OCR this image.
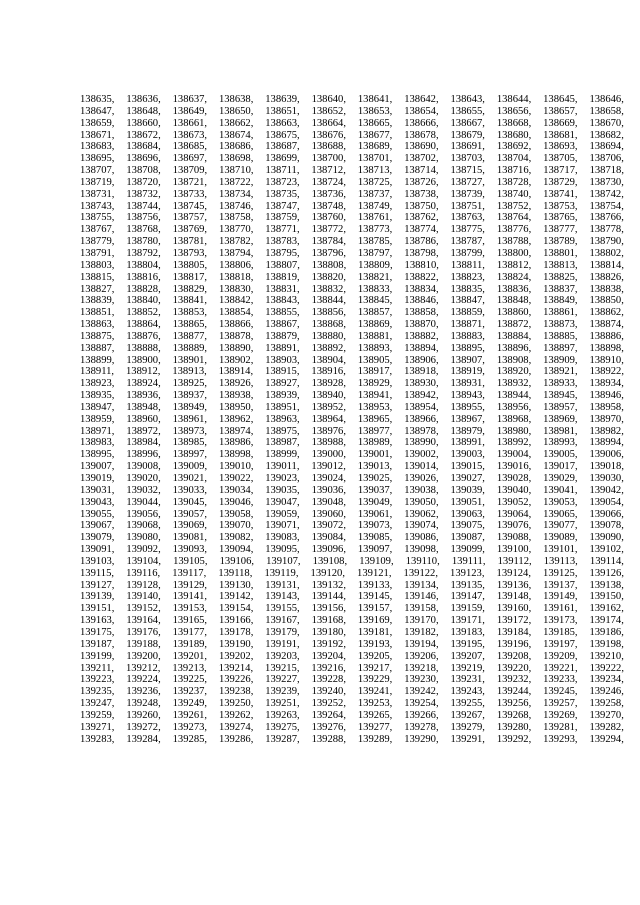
138635, 138636, 138637, 138638, 138639, 138640, 138641, 138642, 138643, 138644, 138645, 138646,
138647, 138648, 138649, 138650, 138651, 138652, 138653, 138654, 138655, 138656, 138657, 138658,
138659, 138660, 138661, 138662, 138663, 138664, 138665, 138666, 138667, 138668, 138669, 138670,
138671, 138672, 138673, 138674, 138675, 138676, 138677, 138678, 138679, 138680, 138681, 138682,
138683, 138684, 138685, 138686, 138687, 138688, 138689, 138690, 138691, 138692, 138693, 138694,
138695, 138696, 138697, 138698, 138699, 138700, 138701, 138702, 138703, 138704, 138705, 138706,
138707, 138708, 138709, 138710, 138711, 138712, 138713, 138714, 138715, 138716, 138717, 138718,
138719, 138720, 138721, 138722, 138723, 138724, 138725, 138726, 138727, 138728, 138729, 138730,
138731, 138732, 138733, 138734, 138735, 138736, 138737, 138738, 138739, 138740, 138741, 138742,
138743, 138744, 138745, 138746, 138747, 138748, 138749, 138750, 138751, 138752, 138753, 138754,
138755, 138756, 138757, 138758, 138759, 138760, 138761, 138762, 138763, 138764, 138765, 138766,
138767, 138768, 138769, 138770, 138771, 138772, 138773, 138774, 138775, 138776, 138777, 138778,
138779, 138780, 138781, 138782, 138783, 138784, 138785, 138786, 138787, 138788, 138789, 138790,
138791, 138792, 138793, 138794, 138795, 138796, 138797, 138798, 138799, 138800, 138801, 138802,
138803, 138804, 138805, 138806, 138807, 138808, 138809, 138810, 138811, 138812, 138813, 138814,
138815, 138816, 138817, 138818, 138819, 138820, 138821, 138822, 138823, 138824, 138825, 138826,
138827, 138828, 138829, 138830, 138831, 138832, 138833, 138834, 138835, 138836, 138837, 138838,
138839, 138840, 138841, 138842, 138843, 138844, 138845, 138846, 138847, 138848, 138849, 138850,
138851, 138852, 138853, 138854, 138855, 138856, 138857, 138858, 138859, 138860, 138861, 138862,
138863, 138864, 138865, 138866, 138867, 138868, 138869, 138870, 138871, 138872, 138873, 138874,
138875, 138876, 138877, 138878, 138879, 138880, 138881, 138882, 138883, 138884, 138885, 138886,
138887, 138888, 138889, 138890, 138891, 138892, 138893, 138894, 138895, 138896, 138897, 138898,
138899, 138900, 138901, 138902, 138903, 138904, 138905, 138906, 138907, 138908, 138909, 138910,
138911, 138912, 138913, 138914, 138915, 138916, 138917, 138918, 138919, 138920, 138921, 138922,
138923, 138924, 138925, 138926, 138927, 138928, 138929, 138930, 138931, 138932, 138933, 138934,
138935, 138936, 138937, 138938, 138939, 138940, 138941, 138942, 138943, 138944, 138945, 138946,
138947, 138948, 138949, 138950, 138951, 138952, 138953, 138954, 138955, 138956, 138957, 138958,
138959, 138960, 138961, 138962, 138963, 138964, 138965, 138966, 138967, 138968, 138969, 138970,
138971, 138972, 138973, 138974, 138975, 138976, 138977, 138978, 138979, 138980, 138981, 138982,
138983, 138984, 138985, 138986, 138987, 138988, 138989, 138990, 138991, 138992, 138993, 138994,
138995, 138996, 138997, 138998, 138999, 139000, 139001, 139002, 139003, 139004, 139005, 139006,
139007, 139008, 139009, 139010, 139011, 139012, 139013, 139014, 139015, 139016, 139017, 139018,
139019, 139020, 139021, 139022, 139023, 139024, 139025, 139026, 139027, 139028, 139029, 139030,
139031, 139032, 139033, 139034, 139035, 139036, 139037, 139038, 139039, 139040, 139041, 139042,
139043, 139044, 139045, 139046, 139047, 139048, 139049, 139050, 139051, 139052, 139053, 139054,
139055, 139056, 139057, 139058, 139059, 139060, 139061, 139062, 139063, 139064, 139065, 139066,
139067, 139068, 139069, 139070, 139071, 139072, 139073, 139074, 139075, 139076, 139077, 139078,
139079, 139080, 139081, 139082, 139083, 139084, 139085, 139086, 139087, 139088, 139089, 139090,
139091, 139092, 139093, 139094, 139095, 139096, 139097, 139098, 139099, 139100, 139101, 139102,
139103, 139104, 139105, 139106, 139107, 139108, 139109, 139110, 139111, 139112, 139113, 139114,
139115, 139116, 139117, 139118, 139119, 139120, 139121, 139122, 139123, 139124, 139125, 139126,
139127, 139128, 139129, 139130, 139131, 139132, 139133, 139134, 139135, 139136, 139137, 139138,
139139, 139140, 139141, 139142, 139143, 139144, 139145, 139146, 139147, 139148, 139149, 139150,
139151, 139152, 139153, 139154, 139155, 139156, 139157, 139158, 139159, 139160, 139161, 139162,
139163, 139164, 139165, 139166, 139167, 139168, 139169, 139170, 139171, 139172, 139173, 139174,
139175, 139176, 139177, 139178, 139179, 139180, 139181, 139182, 139183, 139184, 139185, 139186,
139187, 139188, 139189, 139190, 139191, 139192, 139193, 139194, 139195, 139196, 139197, 139198,
139199, 139200, 139201, 139202, 139203, 139204, 139205, 139206, 139207, 139208, 139209, 139210,
139211, 139212, 139213, 139214, 139215, 139216, 139217, 139218, 139219, 139220, 139221, 139222,
139223, 139224, 139225, 139226, 139227, 139228, 139229, 139230, 139231, 139232, 139233, 139234,
139235, 139236, 139237, 139238, 139239, 139240, 139241, 139242, 139243, 139244, 139245, 139246,
139247, 139248, 139249, 139250, 139251, 139252, 139253, 139254, 139255, 139256, 139257, 139258,
139259, 139260, 139261, 139262, 139263, 139264, 139265, 139266, 139267, 139268, 139269, 139270,
139271, 139272, 139273, 139274, 139275, 139276, 139277, 139278, 139279, 139280, 139281, 139282,
139283, 139284, 139285, 139286, 139287, 139288, 139289, 139290, 139291, 139292, 139293, 139294,
